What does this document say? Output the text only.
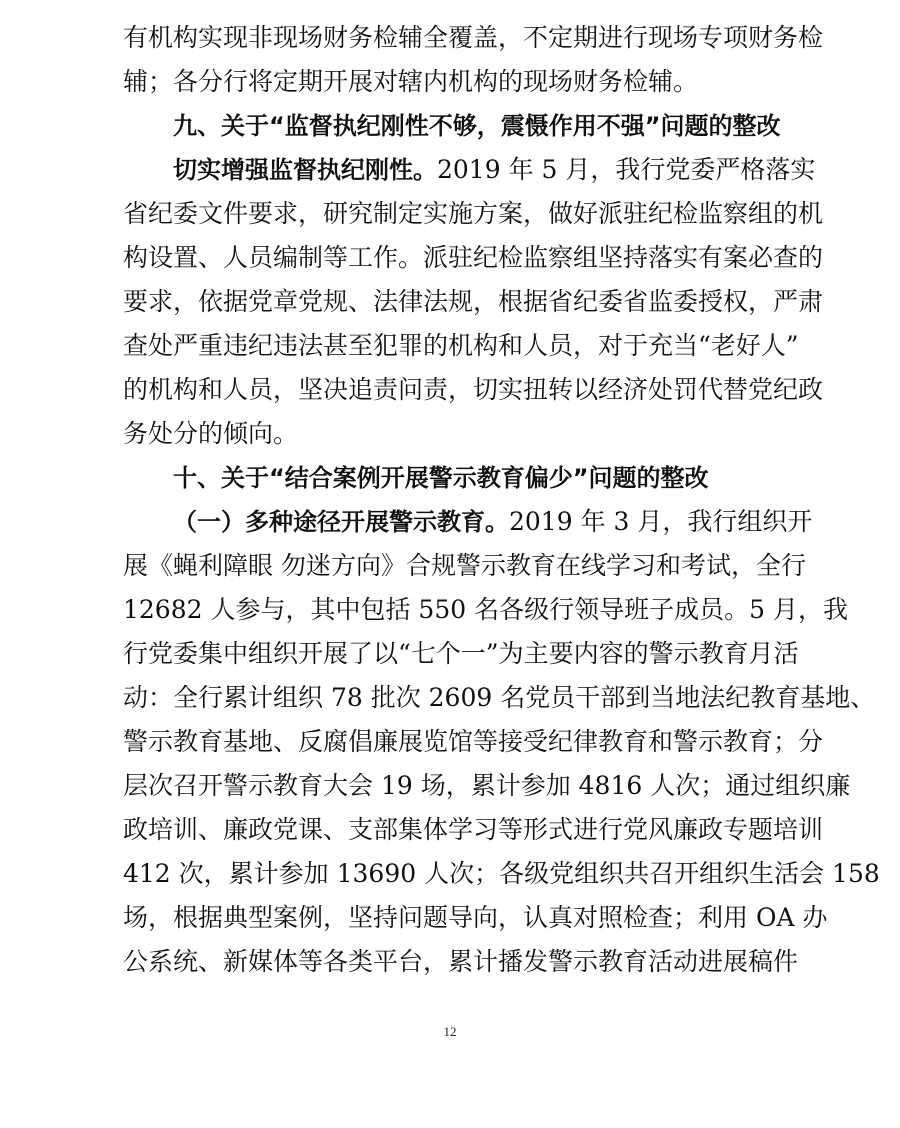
有机构实现非现场财务检辅全覆盖，不定期进行现场专项财务检
辅；各分行将定期开展对辖内机构的现场财务检辅。
九、关于“监督执纪刚性不够，震慑作用不强”问题的整改
切实增强监督执纪刚性。2019 年 5 月，我行党委严格落实
省纪委文件要求，研究制定实施方案，做好派驻纪检监察组的机
构设置、人员编制等工作。派驻纪检监察组坚持落实有案必查的
要求，依据党章党规、法律法规，根据省纪委省监委授权，严肃
查处严重违纪违法甚至犯罪的机构和人员，对于充当“老好人”
的机构和人员，坚决追责问责，切实扭转以经济处罚代替党纪政
务处分的倾向。
十、关于“结合案例开展警示教育偏少”问题的整改
（一）多种途径开展警示教育。2019 年 3 月，我行组织开
展《蝇利障眼 勿迷方向》合规警示教育在线学习和考试，全行
12682 人参与，其中包括 550 名各级行领导班子成员。5 月，我
行党委集中组织开展了以“七个一”为主要内容的警示教育月活
动：全行累计组织 78 批次 2609 名党员干部到当地法纪教育基地、
警示教育基地、反腐倡廉展览馆等接受纪律教育和警示教育；分
层次召开警示教育大会 19 场，累计参加 4816 人次；通过组织廉
政培训、廉政党课、支部集体学习等形式进行党风廉政专题培训
412 次，累计参加 13690 人次；各级党组织共召开组织生活会 158
场，根据典型案例，坚持问题导向，认真对照检查；利用 OA 办
公系统、新媒体等各类平台，累计播发警示教育活动进展稿件
12
